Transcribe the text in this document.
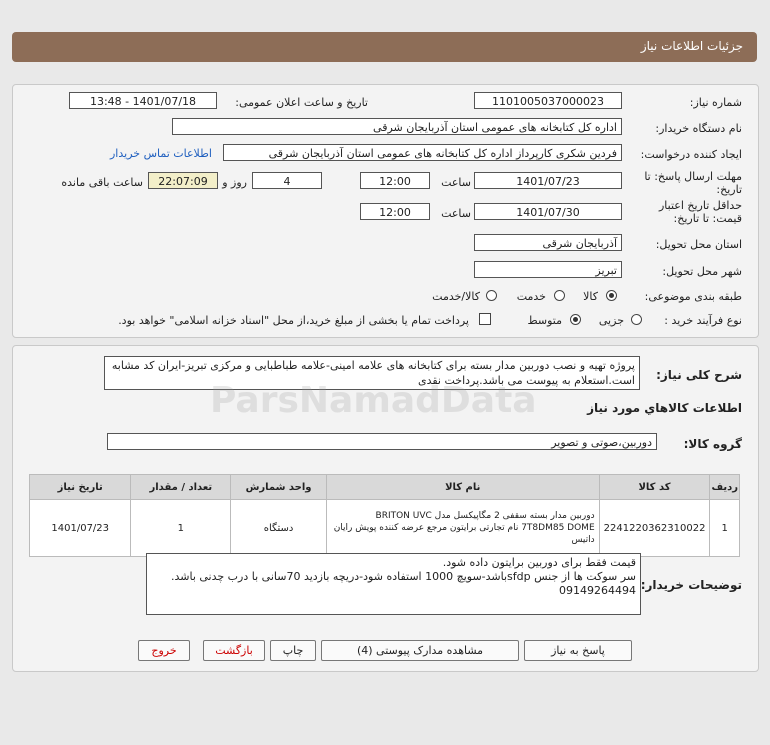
جزئیات اطلاعات نیاز
شماره نیاز:
1101005037000023
تاریخ و ساعت اعلان عمومی:
1401/07/18 - 13:48
نام دستگاه خریدار:
اداره کل کتابخانه های عمومی استان آذربایجان شرقی
ایجاد کننده درخواست:
فردین شکری کارپرداز اداره کل کتابخانه های عمومی استان آذربایجان شرقی
اطلاعات تماس خریدار
مهلت ارسال پاسخ: تا
تاریخ:
1401/07/23
ساعت
12:00
4
روز و
22:07:09
ساعت باقی مانده
حداقل تاریخ اعتبار
قیمت: تا تاریخ:
1401/07/30
ساعت
12:00
استان محل تحویل:
آذربایجان شرقی
شهر محل تحویل:
تبریز
طبقه بندی موضوعی:
کالا
خدمت
کالا/خدمت
نوع فرآیند خرید :
جزیی
متوسط
پرداخت تمام یا بخشی از مبلغ خرید،از محل "اسناد خزانه اسلامی" خواهد بود.
شرح کلی نیاز:
پروژه تهیه و نصب دوربین مدار بسته برای کتابخانه های علامه امینی-علامه طباطبایی و مرکزی تبریز-ایران کد مشابه است.استعلام به پیوست می باشد.پرداخت نقدی
اطلاعات کالاهاي مورد نياز
گروه کالا:
دوربین،صوتی و تصویر
ردیف	کد کالا	نام کالا	واحد شمارش	تعداد / مقدار	تاریخ نیاز
1	2241220362310022	دوربین مدار بسته سقفی 2 مگاپیکسل مدل BRITON UVC 7T8DM85 DOME نام تجارتی برایتون مرجع عرضه کننده پویش رایان داتیس	دستگاه	1	1401/07/23
توضیحات خریدار:
قیمت فقط برای دوربین برایتون داده شود.
سر سوکت ها از جنس sfdpباشد-سویچ 1000 استفاده شود-دریچه بازدید 70سانی با درب چدنی باشد.
09149264494
پاسخ به نیاز
مشاهده مدارک پیوستی (4)
چاپ
بازگشت
خروج
ParsNamadData
